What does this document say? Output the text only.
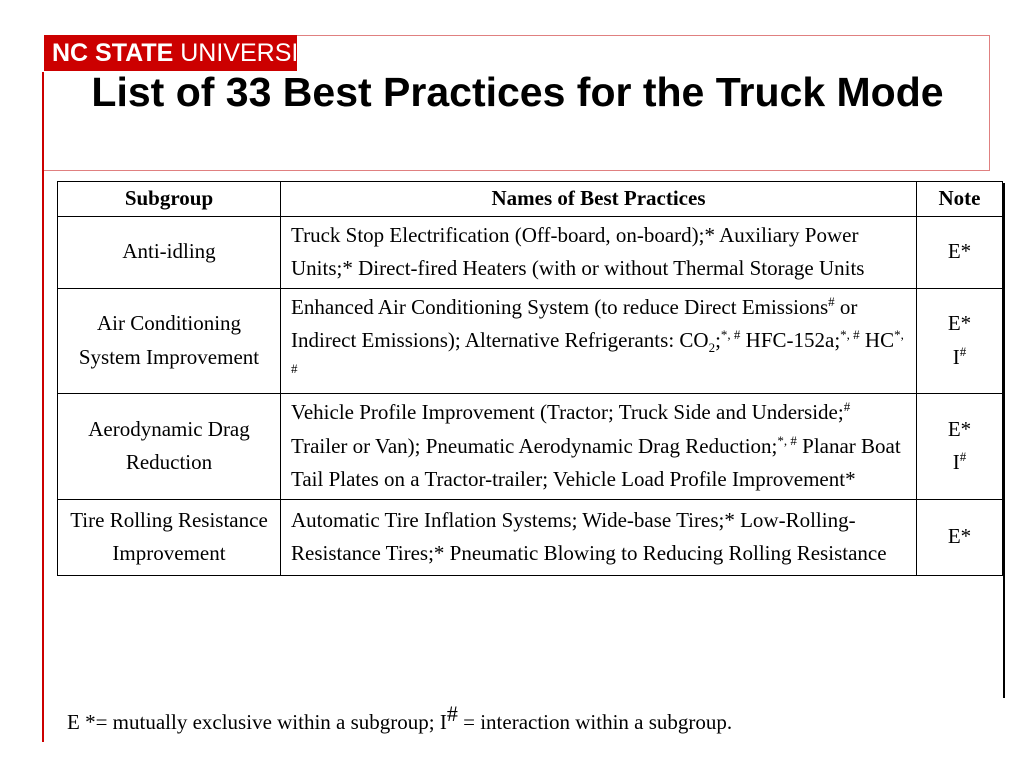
NC STATE UNIVERSITY
List of 33 Best Practices for the Truck Mode
Subgroup	Names of Best Practices	Note
Anti-idling	Truck Stop Electrification (Off-board, on-board);* Auxiliary Power Units;* Direct-fired Heaters (with or without Thermal Storage Units	E*
Air Conditioning System Improvement	Enhanced Air Conditioning System (to reduce Direct Emissions# or Indirect Emissions); Alternative Refrigerants: $CO_2;^{*, \#}$ HFC-152a;*, # HC*, #	E*
I#
Aerodynamic Drag Reduction	Vehicle Profile Improvement (Tractor; Truck Side and Underside;# Trailer or Van); Pneumatic Aerodynamic Drag Reduction;*, # Planar Boat Tail Plates on a Tractor-trailer; Vehicle Load Profile Improvement*	E*
I#
Tire Rolling Resistance Improvement	Automatic Tire Inflation Systems; Wide-base Tires;* Low-Rolling-Resistance Tires;* Pneumatic Blowing to Reducing Rolling Resistance	E*
E *= mutually exclusive within a subgroup; I# = interaction within a subgroup.
